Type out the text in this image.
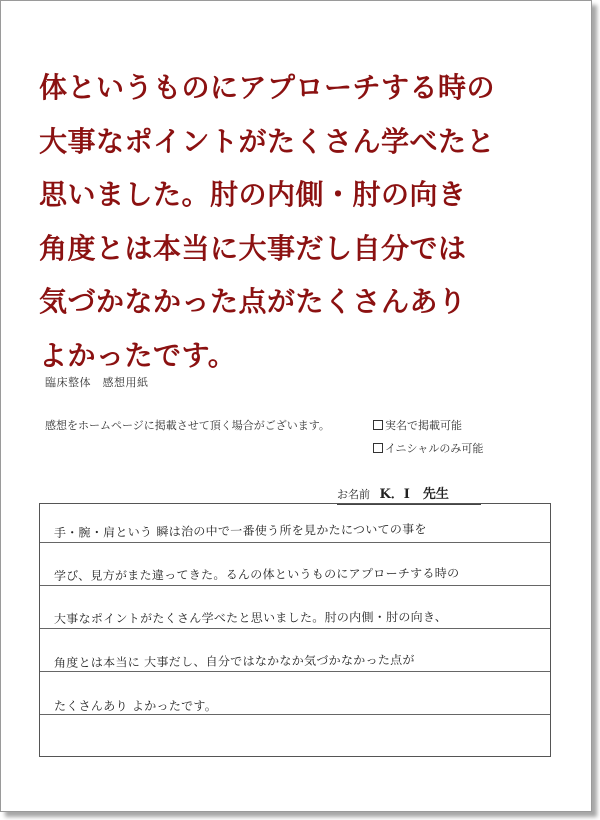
体というものにアプローチする時の
大事なポイントがたくさん学べたと
思いました。肘の内側・肘の向き
角度とは本当に大事だし自分では
気づかなかった点がたくさんあり
よかったです。
臨床整体　感想用紙
感想をホームページに掲載させて頂く場合がございます。	実名で掲載可能
イニシャルのみ可能
お名前 K．I　先生
手・腕・肩という 瞬は治の中で一番使う所を見かたについての事を
学び、見方がまた違ってきた。るんの体というものにアプローチする時の
大事なポイントがたくさん学べたと思いました。肘の内側・肘の向き、
角度とは本当に 大事だし、自分ではなかなか気づかなかった点が
たくさんあり よかったです。
